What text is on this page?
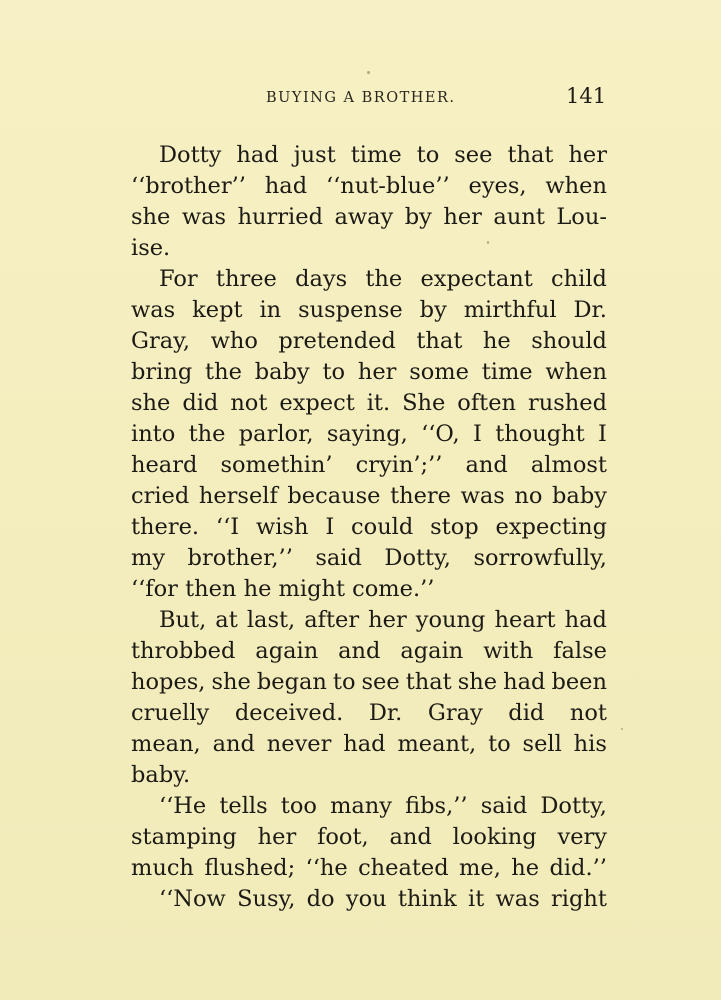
BUYING A BROTHER.	141
Dotty had just time to see that her
‘‘brother’’ had ‘‘nut-blue’’ eyes, when
she was hurried away by her aunt Lou-
ise.
For three days the expectant child
was kept in suspense by mirthful Dr.
Gray, who pretended that he should
bring the baby to her some time when
she did not expect it. She often rushed
into the parlor, saying, ‘‘O, I thought I
heard somethin’ cryin’;’’ and almost
cried herself because there was no baby
there. ‘‘I wish I could stop expecting
my brother,’’ said Dotty, sorrowfully,
‘‘for then he might come.’’
But, at last, after her young heart had
throbbed again and again with false
hopes, she began to see that she had been
cruelly deceived. Dr. Gray did not
mean, and never had meant, to sell his
baby.
‘‘He tells too many fibs,’’ said Dotty,
stamping her foot, and looking very
much flushed; ‘‘he cheated me, he did.’’
‘‘Now Susy, do you think it was right
